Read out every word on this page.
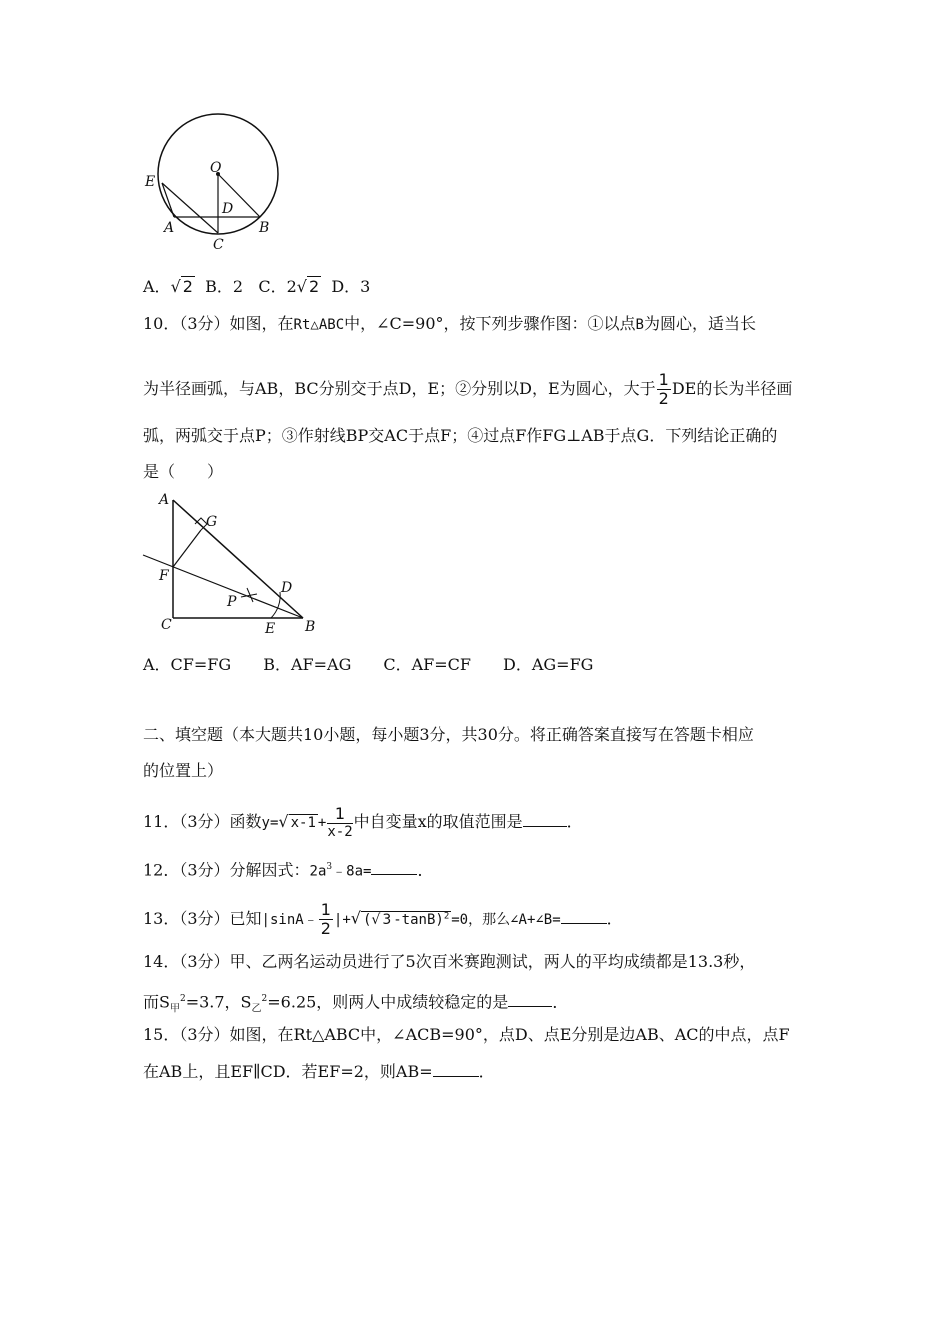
O
E
D
A
C
B
A．√ 2 B．2 C．2√ 2 D．3
10．（3分）如图，在Rt△ABC中，∠C=90°，按下列步骤作图：①以点B为圆心，适当长
为半径画弧，与AB，BC分别交于点D，E；②分别以D，E为圆心，大于 $\frac{1}{2}$ DE的长为半径画
弧，两弧交于点P；③作射线BP交AC于点F；④过点F作FG⊥AB于点G．下列结论正确的
是（　　）
A
G
F
P
D
C	E B
A．CF=FG　　B．AF=AG　　C．AF=CF　　D．AG=FG
二、填空题（本大题共10小题，每小题3分，共30分。将正确答案直接写在答题卡相应
的位置上）
11．（3分）函数y=√ $x-1 + \frac{1}{x-2}$ 中自变量x的取值范围是	．
12．（3分）分解因式：$2a^3﹣8a=$	．
13．（3分）已知|sinA﹣ $\frac{1}{2}$ |+√ (√ 3 -tanB)$^2$ =0，那么∠A+∠B=	．
14．（3分）甲、乙两名运动员进行了5次百米赛跑测试，两人的平均成绩都是13.3秒，
而$S_甲^2=3.7$，$S_乙^2=6.25$，则两人中成绩较稳定的是	．
15．（3分）如图，在Rt△ABC中，∠ACB=90°，点D、点E分别是边AB、AC的中点，点F
在AB上，且EF∥CD．若EF=2，则AB=	．
